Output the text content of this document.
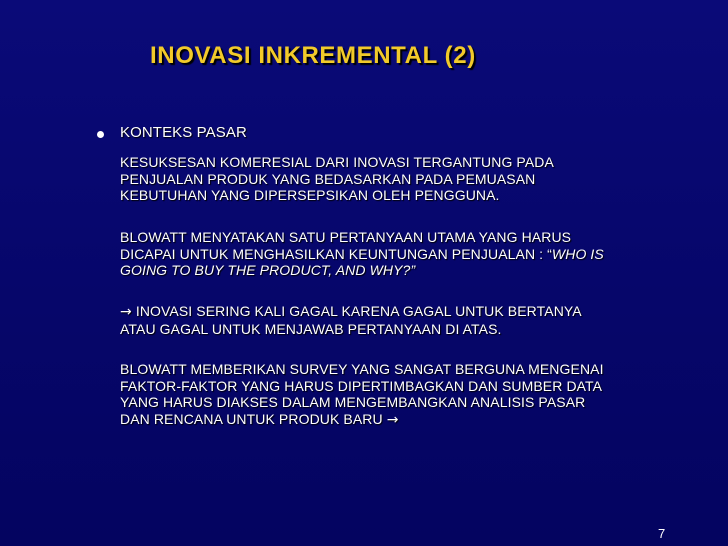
INOVASI INKREMENTAL (2)
KONTEKS PASAR
KESUKSESAN KOMERESIAL DARI INOVASI TERGANTUNG PADA
PENJUALAN PRODUK YANG BEDASARKAN PADA PEMUASAN
KEBUTUHAN YANG DIPERSEPSIKAN OLEH PENGGUNA.
BLOWATT MENYATAKAN SATU PERTANYAAN UTAMA YANG HARUS
DICAPAI UNTUK MENGHASILKAN KEUNTUNGAN PENJUALAN : “WHO IS
GOING TO BUY THE PRODUCT, AND WHY?”
→ INOVASI SERING KALI GAGAL KARENA GAGAL UNTUK BERTANYA
ATAU GAGAL UNTUK MENJAWAB PERTANYAAN DI ATAS.
BLOWATT MEMBERIKAN SURVEY YANG SANGAT BERGUNA MENGENAI
FAKTOR-FAKTOR YANG HARUS DIPERTIMBAGKAN DAN SUMBER DATA
YANG HARUS DIAKSES DALAM MENGEMBANGKAN ANALISIS PASAR
DAN RENCANA UNTUK PRODUK BARU →
7
